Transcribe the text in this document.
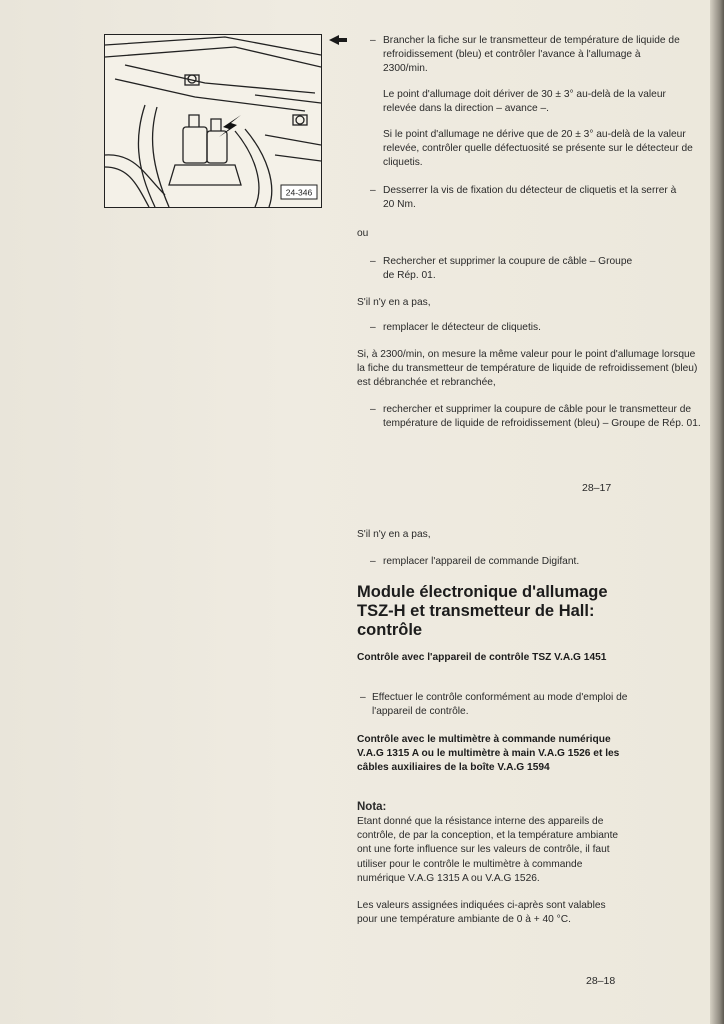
24-346
– Brancher la fiche sur le transmetteur de température de liquide de refroidissement (bleu) et contrôler l'avance à l'allumage à 2300/min.
Le point d'allumage doit dériver de 30 ± 3° au-delà de la valeur relevée dans la direction – avance –.
Si le point d'allumage ne dérive que de 20 ± 3° au-delà de la valeur relevée, contrôler quelle défectuosité se présente sur le détecteur de cliquetis.
– Desserrer la vis de fixation du détecteur de cliquetis et la serrer à 20 Nm.
ou
– Rechercher et supprimer la coupure de câble – Groupe de Rép. 01.
S'il n'y en a pas,
– remplacer le détecteur de cliquetis.
Si, à 2300/min, on mesure la même valeur pour le point d'allumage lorsque la fiche du transmetteur de température de liquide de refroidissement (bleu) est débranchée et rebranchée,
– rechercher et supprimer la coupure de câble pour le transmetteur de température de liquide de refroidissement (bleu) – Groupe de Rép. 01.
28–17
S'il n'y en a pas,
– remplacer l'appareil de commande Digifant.
Module électronique d'allumage TSZ-H et transmetteur de Hall: contrôle
Contrôle avec l'appareil de contrôle TSZ V.A.G 1451
– Effectuer le contrôle conformément au mode d'emploi de l'appareil de contrôle.
Contrôle avec le multimètre à commande numérique V.A.G 1315 A ou le multimètre à main V.A.G 1526 et les câbles auxiliaires de la boîte V.A.G 1594
Nota:
Etant donné que la résistance interne des appareils de contrôle, de par la conception, et la température ambiante ont une forte influence sur les valeurs de contrôle, il faut utiliser pour le contrôle le multimètre à commande numérique V.A.G 1315 A ou V.A.G 1526.
Les valeurs assignées indiquées ci-après sont valables pour une température ambiante de 0 à + 40 °C.
28–18
